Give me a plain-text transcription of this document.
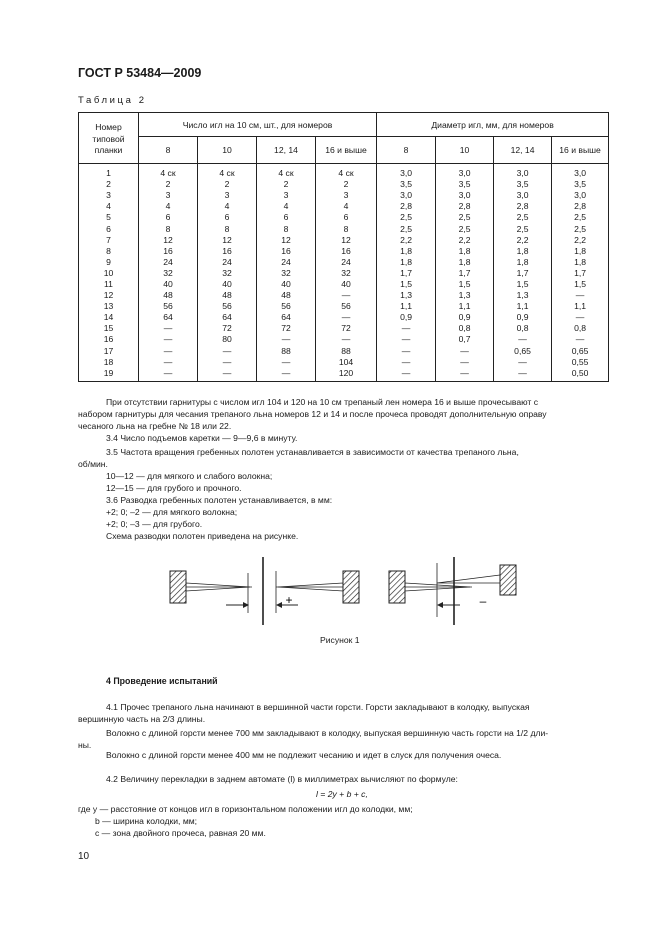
ГОСТ Р 53484—2009
Таблица 2
Номер
типовой
планки	Число игл на 10 см, шт., для номеров				Диаметр игл, мм, для номеров			
	8	10	12, 14	16 и выше	8	10	12, 14	16 и выше
1	4 ск	4 ск	4 ск	4 ск	3,0	3,0	3,0	3,0
2	2	2	2	2	3,5	3,5	3,5	3,5
3	3	3	3	3	3,0	3,0	3,0	3,0
4	4	4	4	4	2,8	2,8	2,8	2,8
5	6	6	6	6	2,5	2,5	2,5	2,5
6	8	8	8	8	2,5	2,5	2,5	2,5
7	12	12	12	12	2,2	2,2	2,2	2,2
8	16	16	16	16	1,8	1,8	1,8	1,8
9	24	24	24	24	1,8	1,8	1,8	1,8
10	32	32	32	32	1,7	1,7	1,7	1,7
11	40	40	40	40	1,5	1,5	1,5	1,5
12	48	48	48	—	1,3	1,3	1,3	—
13	56	56	56	56	1,1	1,1	1,1	1,1
14	64	64	64	—	0,9	0,9	0,9	—
15	—	72	72	72	—	0,8	0,8	0,8
16	—	80	—	—	—	0,7	—	—
17	—	—	88	88	—	—	0,65	0,65
18	—	—	—	104	—	—	—	0,55
19	—	—	—	120	—	—	—	0,50

При отсутствии гарнитуры с числом игл 104 и 120 на 10 см трепаный лен номера 16 и выше прочесывают с
набором гарнитуры для чесания трепаного льна номеров 12 и 14 и после прочеса проводят дополнительную оправу
чесаного льна на гребне № 18 или 22.

3.4 Число подъемов каретки — 9—9,6 в минуту.

3.5 Частота вращения гребенных полотен устанавливается в зависимости от качества трепаного льна,
об/мин.

10—12 — для мягкого и слабого волокна;

12—15 — для грубого и прочного.

3.6 Разводка гребенных полотен устанавливается, в мм:

+2; 0; –2 — для мягкого волокна;

+2; 0; –3 — для грубого.

Схема разводки полотен приведена на рисунке.

+	–
Рисунок 1
4 Проведение испытаний

4.1 Прочес трепаного льна начинают в вершинной части горсти. Горсти закладывают в колодку, выпуская
вершинную часть на 2/3 длины.

Волокно с длиной горсти менее 700 мм закладывают в колодку, выпуская вершинную часть горсти на 1/2 дли-
ны.

Волокно с длиной горсти менее 400 мм не подлежит чесанию и идет в слуск для получения очеса.

4.2 Величину перекладки в заднем автомате (l) в миллиметрах вычисляют по формуле:

l = 2y + b + c,

где y — расстояние от концов игл в горизонтальном положении игл до колодки, мм;

b — ширина колодки, мм;

c — зона двойного прочеса, равная 20 мм.

10
